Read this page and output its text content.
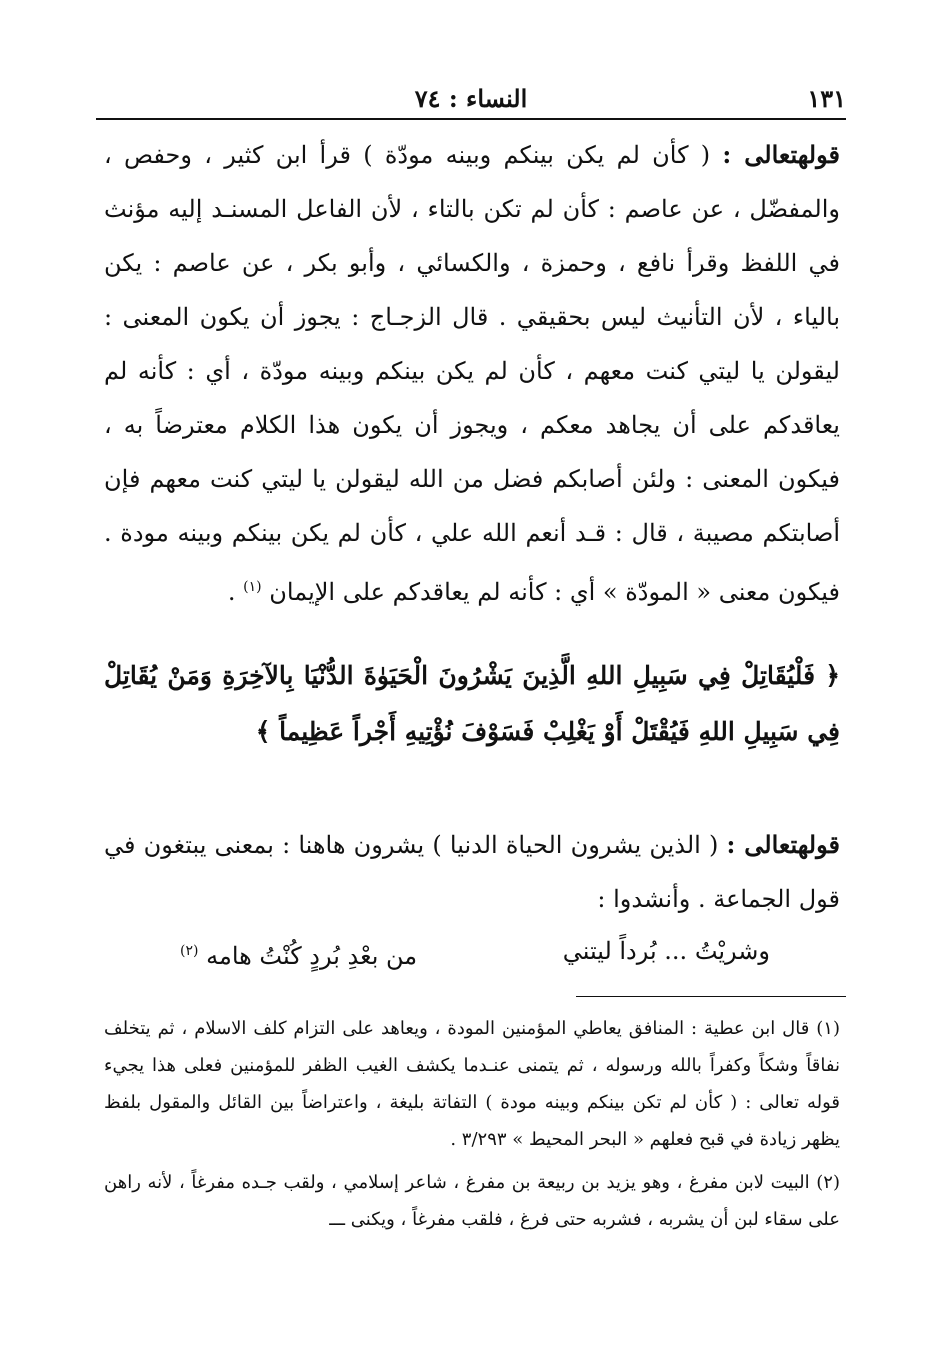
١٣١
النساء : ٧٤

قولهتعالى : ( كأن لم يكن بينكم وبينه مودّة ) قرأ ابن كثير ، وحفص ، والمفضّل ، عن عاصم : كأن لم تكن بالتاء ، لأن الفاعل المسنـد إليه مؤنث في اللفظ وقرأ نافع ، وحمزة ، والكسائي ، وأبو بكر ، عن عاصم : يكن بالياء ، لأن التأنيث ليس بحقيقي . قال الزجـاج : يجوز أن يكون المعنى : ليقولن يا ليتي كنت معهم ، كأن لم يكن بينكم وبينه مودّة ، أي : كأنه لم يعاقدكم على أن يجاهد معكم ، ويجوز أن يكون هذا الكلام معترضاً به ، فيكون المعنى : ولئن أصابكم فضل من الله ليقولن يا ليتي كنت معهم فإن أصابتكم مصيبة ، قال : قـد أنعم الله علي ، كأن لم يكن بينكم وبينه مودة . فيكون معنى « المودّة » أي : كأنه لم يعاقدكم على الإيمان $^{(١)}$ .

﴿ فَلْيُقَاتِلْ فِي سَبِيلِ اللهِ الَّذِينَ يَشْرُونَ الْحَيَوٰةَ الدُّنْيَا بِالآخِرَةِ وَمَنْ يُقَاتِلْ فِي سَبِيلِ اللهِ فَيُقْتَلْ أَوْ يَغْلِبْ فَسَوْفَ نُؤْتِيهِ أَجْراً عَظِيماً ﴾
قولهتعالى : ( الذين يشرون الحياة الدنيا ) يشرون هاهنا : بمعنى يبتغون في قول الجماعة . وأنشدوا :
وشريْتُ ... بُرداً ليتني
من بعْدِ بُردٍ كُنْتُ هامه $^{(٢)}$

(١) قال ابن عطية : المنافق يعاطي المؤمنين المودة ، ويعاهد على التزام كلف الاسلام ، ثم يتخلف نفاقاً وشكاً وكفراً بالله ورسوله ، ثم يتمنى عنـدما يكشف الغيب الظفر للمؤمنين فعلى هذا يجيء قوله تعالى : ( كأن لم تكن بينكم وبينه مودة ) التفاتة بليغة ، واعتراضاً بين القائل والمقول بلفظ يظهر زيادة في قبح فعلهم « البحر المحيط » ٣/٢٩٣ .

(٢) البيت لابن مفرغ ، وهو يزيد بن ربيعة بن مفرغ ، شاعر إسلامي ، ولقب جـده مفرغاً ، لأنه راهن على سقاء لبن أن يشربه ، فشربه حتى فرغ ، فلقب مفرغاً ، ويكنى ـــ
